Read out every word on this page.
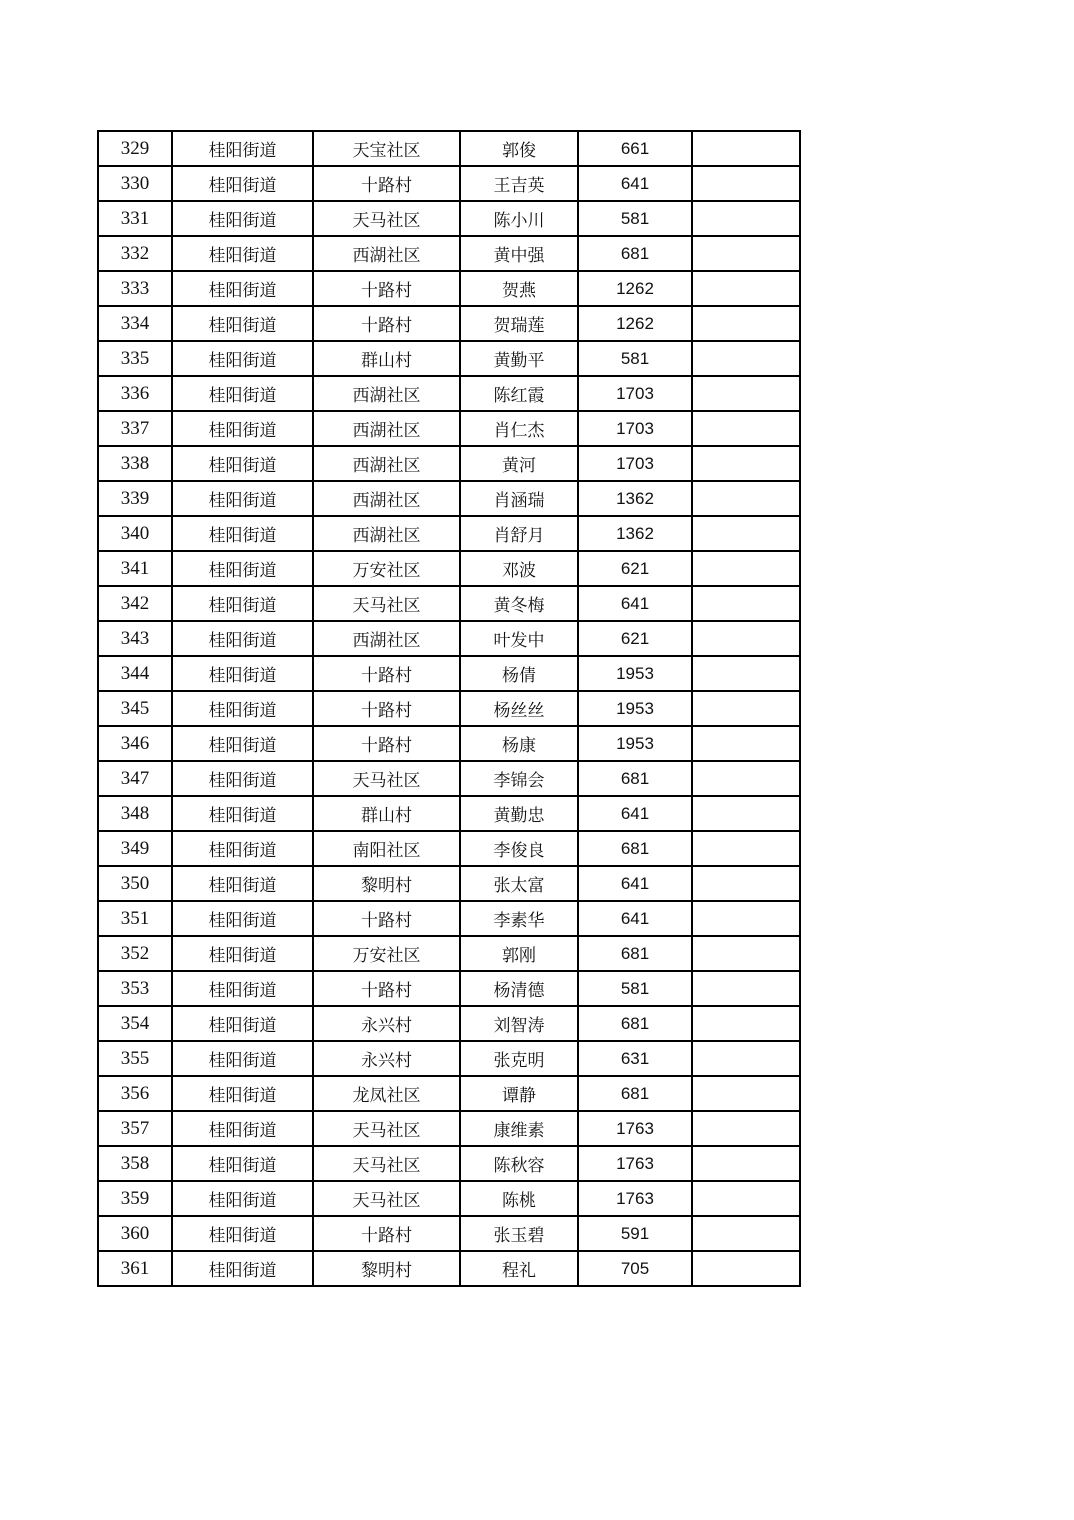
329	桂阳街道	天宝社区	郭俊	661	
330	桂阳街道	十路村	王吉英	641	
331	桂阳街道	天马社区	陈小川	581	
332	桂阳街道	西湖社区	黄中强	681	
333	桂阳街道	十路村	贺燕	1262	
334	桂阳街道	十路村	贺瑞莲	1262	
335	桂阳街道	群山村	黄勤平	581	
336	桂阳街道	西湖社区	陈红霞	1703	
337	桂阳街道	西湖社区	肖仁杰	1703	
338	桂阳街道	西湖社区	黄河	1703	
339	桂阳街道	西湖社区	肖涵瑞	1362	
340	桂阳街道	西湖社区	肖舒月	1362	
341	桂阳街道	万安社区	邓波	621	
342	桂阳街道	天马社区	黄冬梅	641	
343	桂阳街道	西湖社区	叶发中	621	
344	桂阳街道	十路村	杨倩	1953	
345	桂阳街道	十路村	杨丝丝	1953	
346	桂阳街道	十路村	杨康	1953	
347	桂阳街道	天马社区	李锦会	681	
348	桂阳街道	群山村	黄勤忠	641	
349	桂阳街道	南阳社区	李俊良	681	
350	桂阳街道	黎明村	张太富	641	
351	桂阳街道	十路村	李素华	641	
352	桂阳街道	万安社区	郭刚	681	
353	桂阳街道	十路村	杨清德	581	
354	桂阳街道	永兴村	刘智涛	681	
355	桂阳街道	永兴村	张克明	631	
356	桂阳街道	龙凤社区	谭静	681	
357	桂阳街道	天马社区	康维素	1763	
358	桂阳街道	天马社区	陈秋容	1763	
359	桂阳街道	天马社区	陈桃	1763	
360	桂阳街道	十路村	张玉碧	591	
361	桂阳街道	黎明村	程礼	705	
